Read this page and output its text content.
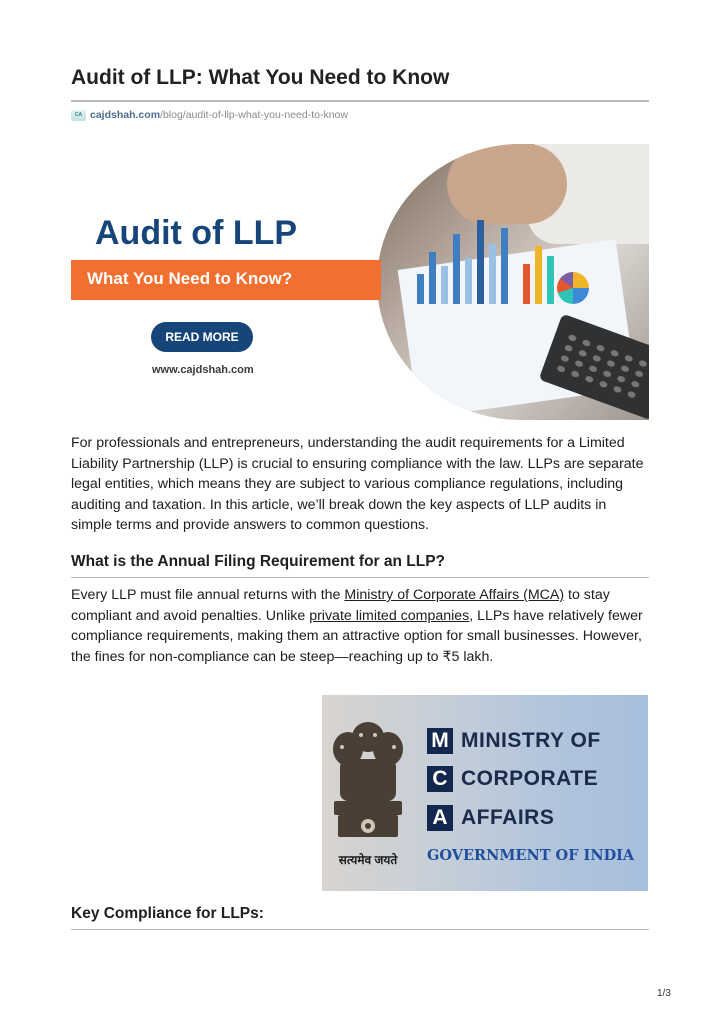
Audit of LLP: What You Need to Know
CA cajdshah.com /blog/audit-of-llp-what-you-need-to-know
Audit of LLP
What You Need to Know?
READ MORE
www.cajdshah.com

For professionals and entrepreneurs, understanding the audit requirements for a Limited Liability Partnership (LLP) is crucial to ensuring compliance with the law. LLPs are separate legal entities, which means they are subject to various compliance regulations, including auditing and taxation. In this article, we’ll break down the key aspects of LLP audits in simple terms and provide answers to common questions.

What is the Annual Filing Requirement for an LLP?

Every LLP must file annual returns with the Ministry of Corporate Affairs (MCA) to stay compliant and avoid penalties. Unlike private limited companies, LLPs have relatively fewer compliance requirements, making them an attractive option for small businesses. However, the fines for non-compliance can be steep—reaching up to ₹5 lakh.

सत्यमेव जयते
M MINISTRY OF
C CORPORATE
A AFFAIRS
GOVERNMENT OF INDIA
Key Compliance for LLPs:
1/3
